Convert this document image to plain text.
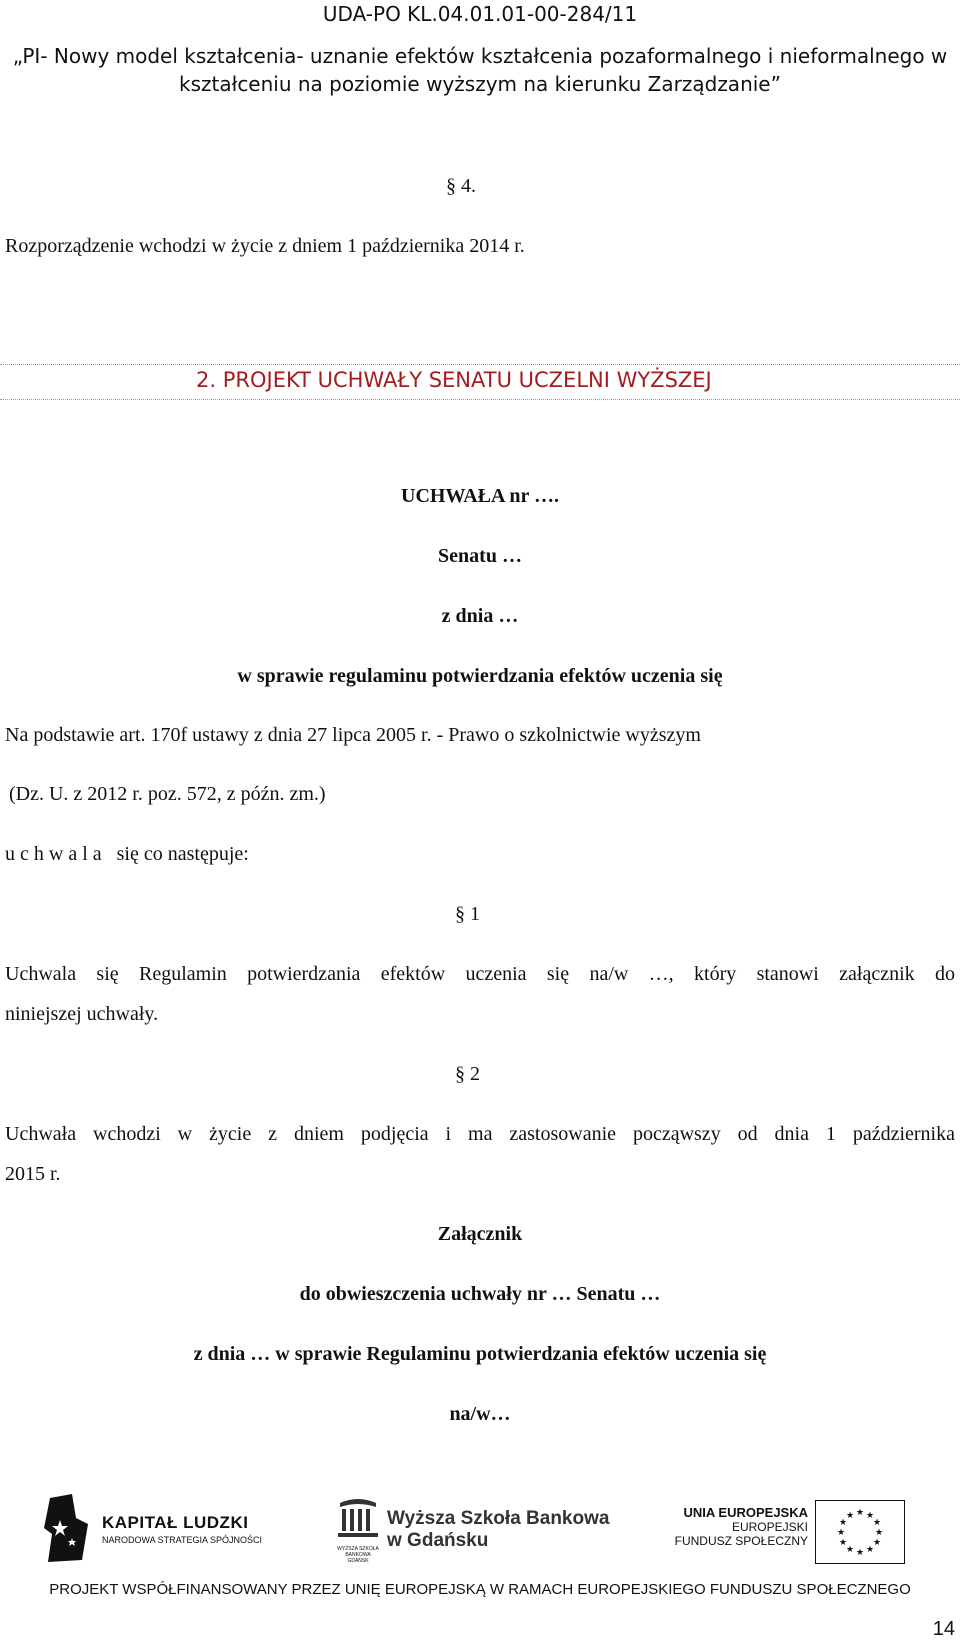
UDA-PO KL.04.01.01-00-284/11
„PI- Nowy model kształcenia- uznanie efektów kształcenia pozaformalnego i nieformalnego w
kształceniu na poziomie wyższym na kierunku Zarządzanie”
§ 4.
Rozporządzenie wchodzi w życie z dniem 1 października 2014 r.
2. PROJEKT UCHWAŁY SENATU UCZELNI WYŻSZEJ
UCHWAŁA nr ….
Senatu …
z dnia …
w sprawie regulaminu potwierdzania efektów uczenia się
Na podstawie art. 170f ustawy z dnia 27 lipca 2005 r. - Prawo o szkolnictwie wyższym
(Dz. U. z 2012 r. poz. 572, z późn. zm.)
u c h w a l a   się co następuje:
§ 1
Uchwala się Regulamin potwierdzania efektów uczenia się na/w …, który stanowi załącznik do
niniejszej uchwały.
§ 2
Uchwała wchodzi w życie z dniem podjęcia i ma zastosowanie począwszy od dnia 1 października
2015 r.
Załącznik
do obwieszczenia uchwały nr … Senatu …
z dnia … w sprawie Regulaminu potwierdzania efektów uczenia się
na/w…
KAPITAŁ LUDZKI
NARODOWA STRATEGIA SPÓJNOŚCI
WYŻSZA SZKOŁA BANKOWA GDAŃSK
Wyższa Szkoła Bankowa
w Gdańsku
UNIA EUROPEJSKA
EUROPEJSKI
FUNDUSZ SPOŁECZNY
★ ★
★
★
★
★
★
★
★
★
★
★
PROJEKT WSPÓŁFINANSOWANY PRZEZ UNIĘ EUROPEJSKĄ W RAMACH EUROPEJSKIEGO FUNDUSZU SPOŁECZNEGO
14
